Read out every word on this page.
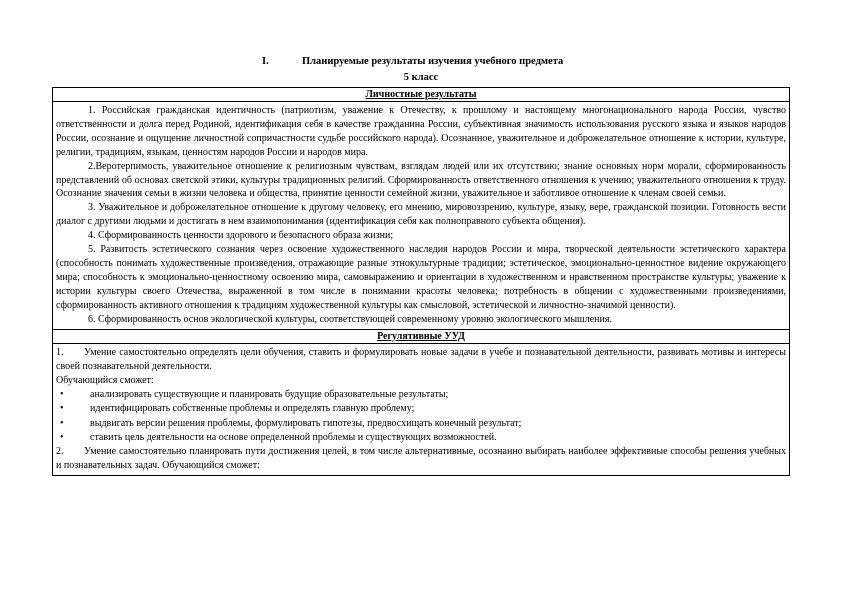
I.	Планируемые результаты изучения учебного предмета
5 класс
Личностные результаты

1. Российская гражданская идентичность (патриотизм, уважение к Отечеству, к прошлому и настоящему многонационального народа России, чувство ответственности и долга перед Родиной, идентификация себя в качестве гражданина России, субъективная значимость использования русского языка и языков народов России, осознание и ощущение личностной сопричастности судьбе российского народа). Осознанное, уважительное и доброжелательное отношение к истории, культуре, религии, традициям, языкам, ценностям народов России и народов мира.

2.Веротерпимость, уважительное отношение к религиозным чувствам, взглядам людей или их отсутствию; знание основных норм морали, сформированность представлений об основах светской этики, культуры традиционных религий. Сформированность ответственного отношения к учению; уважительного отношения к труду. Осознание значения семьи в жизни человека и общества, принятие ценности семейной жизни, уважительное и заботливое отношение к членам своей семьи.

3. Уважительное и доброжелательное отношение к другому человеку, его мнению, мировоззрению, культуре, языку, вере, гражданской позиции. Готовность вести диалог с другими людьми и достигать в нем взаимопонимания (идентификация себя как полноправного субъекта общения).

4. Сформированность ценности здорового и безопасного образа жизни;

5. Развитость эстетического сознания через освоение художественного наследия народов России и мира, творческой деятельности эстетического характера (способность понимать художественные произведения, отражающие разные этнокультурные традиции; эстетическое, эмоционально-ценностное видение окружающего мира; способность к эмоционально-ценностному освоению мира, самовыражению и ориентации в художественном и нравственном пространстве культуры; уважение к истории культуры своего Отечества, выраженной в том числе в понимании красоты человека; потребность в общении с художественными произведениями, сформированность активного отношения к традициям художественной культуры как смысловой, эстетической и личностно-значимой ценности).

6. Сформированность основ экологической культуры, соответствующей современному уровню экологического мышления.

Регулятивные УУД

1. Умение самостоятельно определять цели обучения, ставить и формулировать новые задачи в учебе и познавательной деятельности, развивать мотивы и интересы своей познавательной деятельности.

Обучающийся сможет:

•	анализировать существующие и планировать будущие образовательные результаты;

•	идентифицировать собственные проблемы и определять главную проблему;

•	выдвигать версии решения проблемы, формулировать гипотезы, предвосхищать конечный результат;

•	ставить цель деятельности на основе определенной проблемы и существующих возможностей.

2. Умение самостоятельно планировать пути достижения целей, в том числе альтернативные, осознанно выбирать наиболее эффективные способы решения учебных и познавательных задач. Обучающийся сможет:
